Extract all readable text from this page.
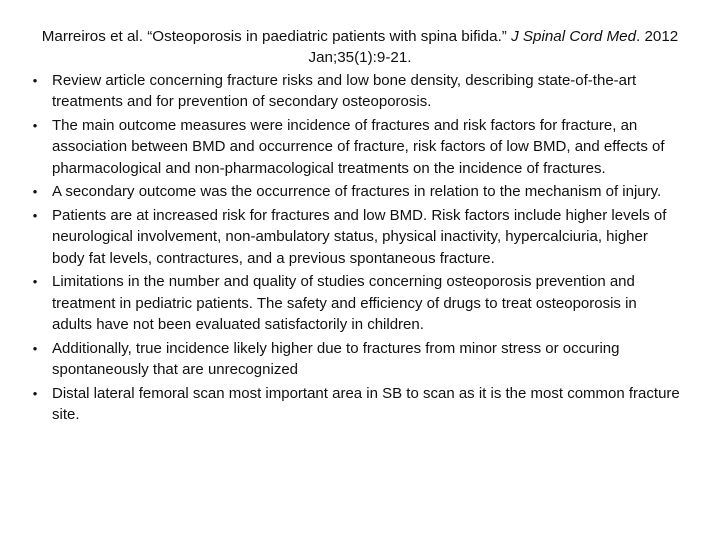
Marreiros et al. “Osteoporosis in paediatric patients with spina bifida.” J Spinal Cord Med. 2012 Jan;35(1):9-21.
• Review article concerning fracture risks and low bone density, describing state-of-the-art treatments and for prevention of secondary osteoporosis.
• The main outcome measures were incidence of fractures and risk factors for fracture, an association between BMD and occurrence of fracture, risk factors of low BMD, and effects of pharmacological and non-pharmacological treatments on the incidence of fractures.
• A secondary outcome was the occurrence of fractures in relation to the mechanism of injury.
• Patients are at increased risk for fractures and low BMD. Risk factors include higher levels of neurological involvement, non-ambulatory status, physical inactivity, hypercalciuria, higher body fat levels, contractures, and a previous spontaneous fracture.
• Limitations in the number and quality of studies concerning osteoporosis prevention and treatment in pediatric patients. The safety and efficiency of drugs to treat osteoporosis in adults have not been evaluated satisfactorily in children.
• Additionally, true incidence likely higher due to fractures from minor stress or occuring spontaneously that are unrecognized
• Distal lateral femoral scan most important area in SB to scan as it is the most common fracture site.
